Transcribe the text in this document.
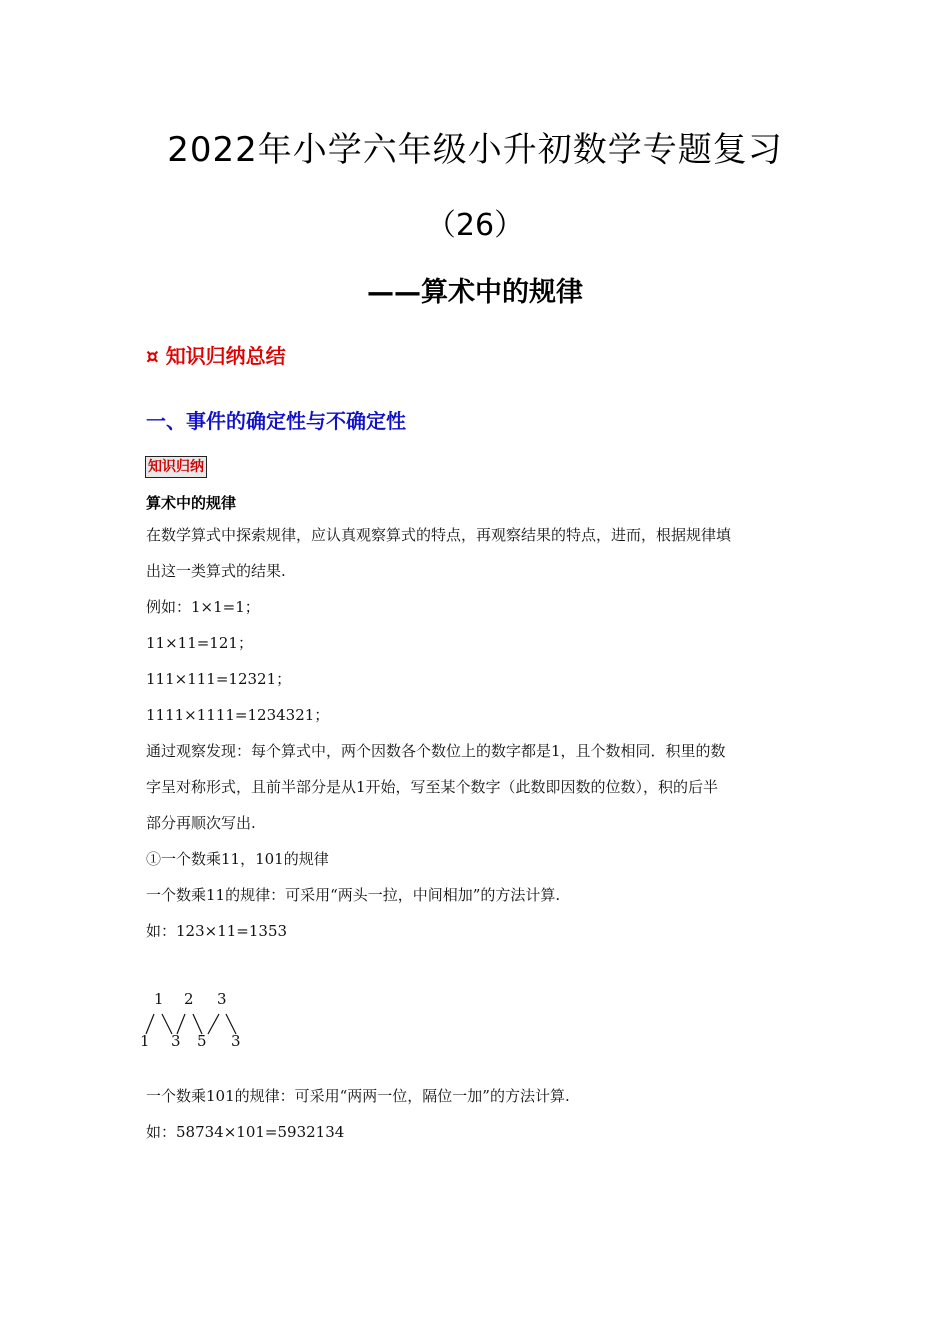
2022年小学六年级小升初数学专题复习
（26）
——算术中的规律
¤ 知识归纳总结
一、事件的确定性与不确定性
知识归纳
算术中的规律
在数学算式中探索规律，应认真观察算式的特点，再观察结果的特点，进而，根据规律填
出这一类算式的结果.
例如：1×1=1；
11×11=121；
111×111=12321；
1111×1111=1234321；
通过观察发现：每个算式中，两个因数各个数位上的数字都是1，且个数相同．积里的数
字呈对称形式，且前半部分是从1开始，写至某个数字（此数即因数的位数），积的后半
部分再顺次写出.
①一个数乘11，101的规律
一个数乘11的规律：可采用“两头一拉，中间相加”的方法计算.
如：123×11=1353
1 2 3
1 3 5 3
一个数乘101的规律：可采用“两两一位，隔位一加”的方法计算.
如：58734×101=5932134
